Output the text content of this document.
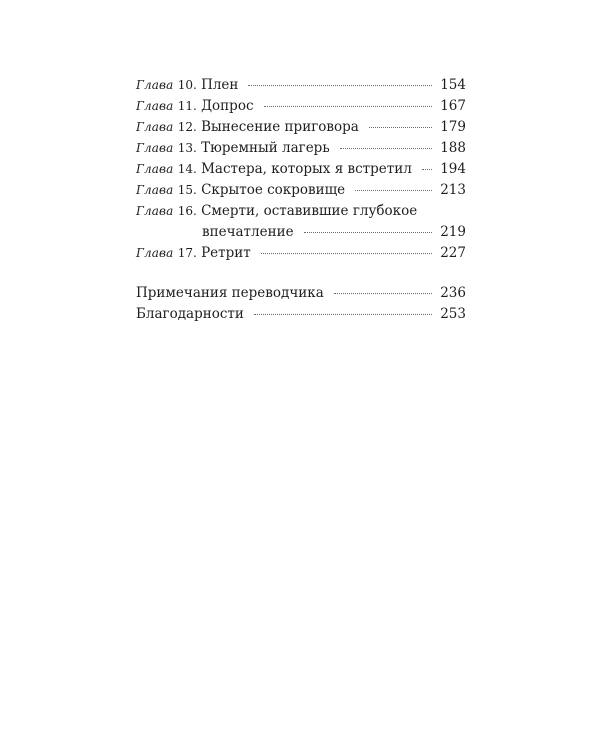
Глава 10. Плен	154
Глава 11. Допрос	167
Глава 12. Вынесение приговора	179
Глава 13. Тюремный лагерь	188
Глава 14. Мастера, которых я встретил 194
Глава 15. Скрытое сокровище	213
Глава 16. Смерти, оставившие глубокое
впечатление	219
Глава 17. Ретрит	227
Примечания переводчика	236
Благодарности	253
